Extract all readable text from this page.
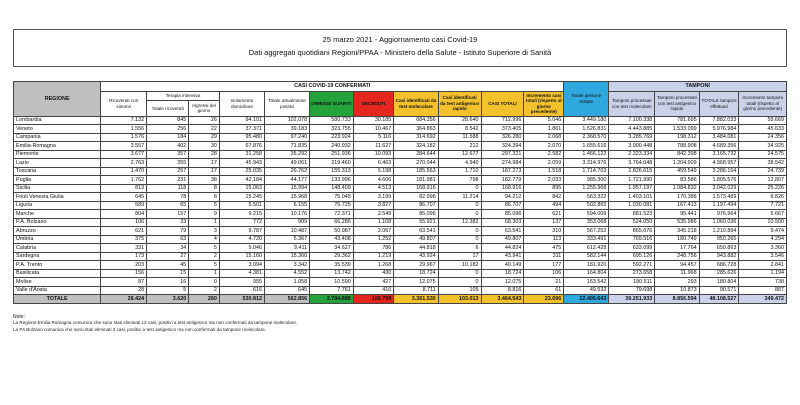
25 marzo 2021 - Aggiornamento casi Covid-19
Dati aggregati quotidiani Regioni/PPAA - Ministero della Salute - Istituto Superiore di Sanità
REGIONE	CASI COVID-19 CONFERMATI											Totale persone testate	TAMPONI			
	Ricoverati con sintomi	Terapia intensiva		Isolamento domiciliare	Totale attualmente positivi	DIMESSI/ GUARITI	DECEDUTI	Casi identificati da test molecolare	Casi identificati da test antigenico rapido	CASI TOTALI	Incremento casi totali (rispetto al giorno precedente)		Tamponi processati con test molecolare	Tamponi processati con test antigenico rapido	TOTALE tamponi effettuati	Incremento tamponi totali (rispetto al giorno precedente)
		Totale ricoverati	Ingressi del giorno													
Lombardia	7.132	845	26	94.101	102.078	580.733	30.185	684.356	28.640	712.996	5.046	3.449.180	7.100.338	781.695	7.882.033	59.669
Veneto	1.556	256	22	37.371	39.183	323.755	10.467	364.863	8.542	373.405	1.861	1.526.831	4.443.885	1.533.099	5.976.984	45.633
Campania	1.576	184	29	95.480	97.240	223.924	5.116	314.692	11.588	326.280	2.068	2.368.570	3.285.769	198.312	3.484.081	24.356
Emilia-Romagna	3.557	402	30	67.876	71.835	240.932	11.627	324.182	212	324.394	2.070	1.655.616	3.900.448	788.908	4.689.356	34.925
Piemonte	3.677	357	28	31.258	35.292	251.936	10.093	284.644	12.677	297.321	2.582	1.466.122	2.323.334	842.398	3.165.732	24.575
Lazio	2.763	355	17	45.943	49.061	219.460	6.463	270.044	4.940	274.984	2.059	3.314.976	3.764.048	1.204.909	4.968.957	38.542
Toscana	1.470	257	17	25.035	26.762	155.313	5.198	185.563	1.710	187.273	1.518	1.714.703	2.826.615	459.549	3.286.164	24.739
Puglia	1.762	231	38	42.184	44.177	133.996	4.606	181.981	798	182.779	2.033	985.300	1.721.990	83.586	1.805.576	12.807
Sicilia	813	118	8	15.063	15.994	148.409	4.513	168.916	0	168.916	895	1.255.968	1.957.197	1.084.832	3.042.029	25.226
Friuli Venezia Giulia	645	78	8	15.245	15.968	75.045	3.199	82.998	11.214	94.212	842	563.322	1.403.101	170.388	1.573.489	8.826
Liguria	589	65	5	5.501	6.155	76.725	3.827	86.707	0	86.707	494	502.865	1.030.081	167.413	1.197.494	7.721
Marche	804	157	9	9.215	10.176	72.371	2.549	85.096	0	85.096	621	594.009	881.523	95.441	976.964	5.667
P.A. Bolzano	106	33	1	772	909	66.286	1.108	55.921	12.382	68.303	137	353.068	524.050	535.986	1.060.036	10.500
Abruzzo	621	79	3	9.787	10.487	50.987	2.067	63.541	0	63.541	310	567.252	865.676	345.218	1.210.894	9.474
Umbria	375	63	4	4.720	5.367	43.408	1.252	49.807	0	49.807	113	333.491	769.516	180.749	950.265	4.294
Calabria	331	34	5	9.046	9.411	34.627	786	44.818	6	44.824	475	612.428	633.099	17.764	650.863	3.360
Sardegna	173	27	2	15.160	15.360	29.362	1.219	43.924	17	43.941	311	582.144	695.126	248.756	943.882	3.546
P.A. Trento	203	45	5	3.094	3.342	35.539	1.268	29.967	10.182	40.149	177	181.920	592.271	94.457	686.728	2.841
Basilicata	156	15	1	4.381	4.552	13.742	430	18.724	0	18.724	106	164.804	273.658	11.968	285.626	1.194
Molise	87	16	0	955	1.058	10.590	427	12.075	0	12.075	21	163.542	180.511	293	180.804	738
Valle d'Aosta	28	5	2	616	645	7.761	410	8.711	105	8.816	61	49.532	79.698	10.873	90.571	887
TOTALE	28.424	3.620	260	530.812	562.856	2.794.888	106.799	3.361.530	103.013	3.464.543	23.696	22.405.643	39.251.933	8.856.594	48.108.527	349.472
Note:
La Regione Emilia Romagna comunica che sono stati eliminati 13 casi, positivi a test antigenico ma non confermati da tampone molecolare.
La PA Bolzano comunica che sono stati eliminati 2 casi, positivi a test antigenico ma non confermati da tampone molecolare.
